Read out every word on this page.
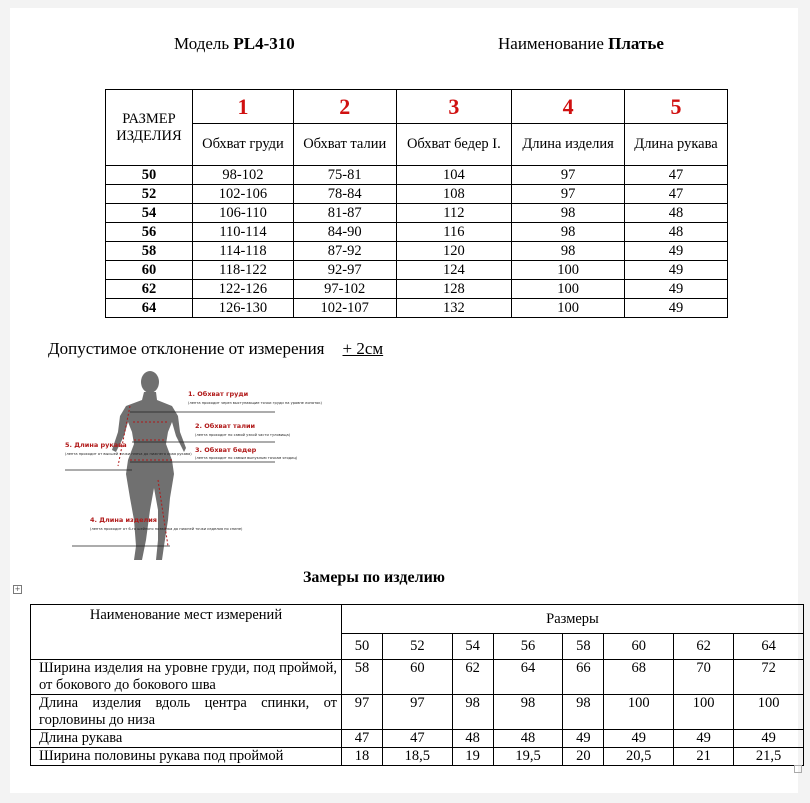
Модель PL4-310	Наименование Платье
РАЗМЕР ИЗДЕЛИЯ	1	2	3	4	5
	Обхват груди	Обхват талии	Обхват бедер I.	Длина изделия	Длина рукава
50	98-102	75-81	104	97	47
52	102-106	78-84	108	97	47
54	106-110	81-87	112	98	48
56	110-114	84-90	116	98	48
58	114-118	87-92	120	98	49
60	118-122	92-97	124	100	49
62	122-126	97-102	128	100	49
64	126-130	102-107	132	100	49
Допустимое отклонение от измерения + 2см
1. Обхват груди
(лента проходит через выступающие точки груди на уровне лопаток)
2. Обхват талии
(лента проходит по самой узкой части туловища)
3. Обхват бедер
(лента проходит по самым выпуклым точкам ягодиц)
4. Длина изделия
(лента проходит от 6-го шейного позвонка до нижней точки изделия по спине)
5. Длина рукава
(лента проходит от высшей точки плеча до нижнего края рукава)
Замеры по изделию
Наименование мест измерений	Размеры							
	50	52	54	56	58	60	62	64
Ширина изделия на уровне груди, под проймой, от бокового до бокового шва	58	60	62	64	66	68	70	72
Длина изделия вдоль центра спинки, от горловины до низа	97	97	98	98	98	100	100	100
Длина рукава	47	47	48	48	49	49	49	49
Ширина половины рукава под проймой	18	18,5	19	19,5	20	20,5	21	21,5
+
